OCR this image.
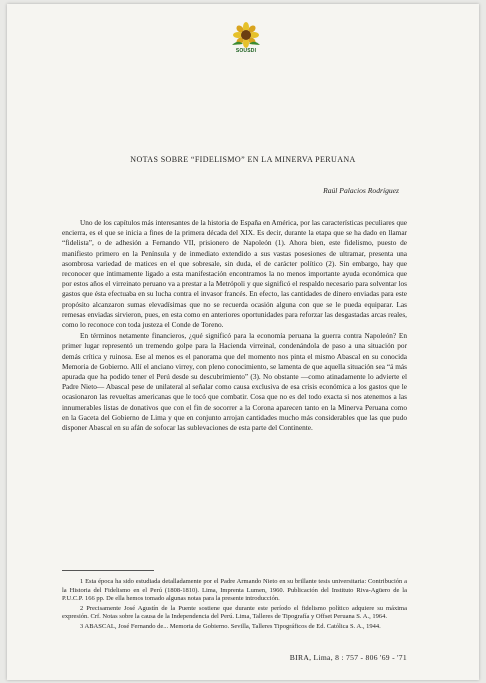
SOUSDI
NOTAS SOBRE “FIDELISMO” EN LA MINERVA PERUANA
Raúl Palacios Rodríguez

Uno de los capítulos más interesantes de la historia de España en América, por las características peculiares que encierra, es el que se inicia a fines de la primera década del XIX. Es decir, durante la etapa que se ha dado en llamar “fidelista”, o de adhesión a Fernando VII, prisionero de Napoleón (1). Ahora bien, este fidelismo, puesto de manifiesto primero en la Península y de inmediato extendido a sus vastas posesiones de ultramar, presenta una asombrosa variedad de matices en el que sobresale, sin duda, el de carácter político (2). Sin embargo, hay que reconocer que íntimamente ligado a esta manifestación encontramos la no menos importante ayuda económica que por estos años el virreinato peruano va a prestar a la Metrópoli y que significó el respaldo necesario para solventar los gastos que ésta efectuaba en su lucha contra el invasor francés. En efecto, las cantidades de dinero enviadas para este propósito alcanzaron sumas elevadísimas que no se recuerda ocasión alguna con que se le pueda equiparar. Las remesas enviadas sirvieron, pues, en esta como en anteriores oportunidades para reforzar las desgastadas arcas reales, como lo reconoce con toda justeza el Conde de Toreno.

En términos netamente financieros, ¿qué significó para la economía peruana la guerra contra Napoleón? En primer lugar representó un tremendo golpe para la Hacienda virreinal, condenándola de paso a una situación por demás crítica y ruinosa. Ese al menos es el panorama que del momento nos pinta el mismo Abascal en su conocida Memoria de Gobierno. Allí el anciano virrey, con pleno conocimiento, se lamenta de que aquella situación sea “á más apurada que ha podido tener el Perú desde su descubrimiento” (3). No obstante —como atinadamente lo advierte el Padre Nieto— Abascal pese de unilateral al señalar como causa exclusiva de esa crisis económica a los gastos que le ocasionaron las revueltas americanas que le tocó que combatir. Cosa que no es del todo exacta si nos atenemos a las innumerables listas de donativos que con el fin de socorrer a la Corona aparecen tanto en la Minerva Peruana como en la Gaceta del Gobierno de Lima y que en conjunto arrojan cantidades mucho más considerables que las que pudo disponer Abascal en su afán de sofocar las sublevaciones de esta parte del Continente.

1 Esta época ha sido estudiada detalladamente por el Padre Armando Nieto en su brillante tesis universitaria: Contribución a la Historia del Fidelismo en el Perú (1808-1810). Lima, Imprenta Lumen, 1960. Publicación del Instituto Riva-Agüero de la P.U.C.P. 166 pp. De ella hemos tomado algunas notas para la presente introducción.

2 Precisamente José Agustín de la Puente sostiene que durante este período el fidelismo político adquiere su máxima expresión. Crf. Notas sobre la causa de la Independencia del Perú. Lima, Talleres de Tipografía y Offset Peruana S. A., 1964.

3 ABASCAL, José Fernando de... Memoria de Gobierno. Sevilla, Talleres Tipográficos de Ed. Católica S. A., 1944.

BIRA, Lima, 8 : 757 - 806 '69 - '71
